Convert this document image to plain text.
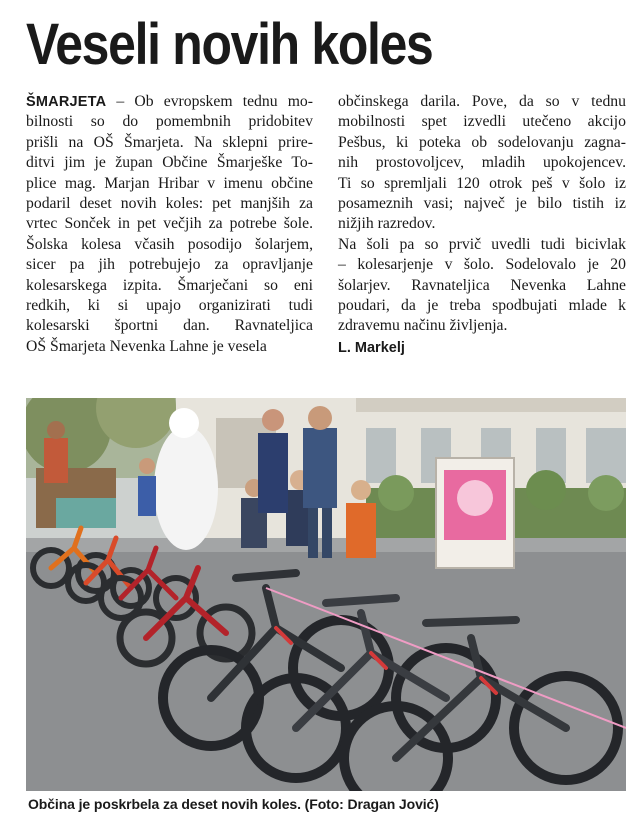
Veseli novih koles

ŠMARJETA – Ob evropskem tednu mo-
bilnosti so do pomembnih pridobitev
prišli na OŠ Šmarjeta. Na sklepni prire-
ditvi jim je župan Občine Šmarješke To-
plice mag. Marjan Hribar v imenu občine
podaril deset novih koles: pet manjših za
vrtec Sonček in pet večjih za potrebe šole.
Šolska kolesa včasih posodijo šolarjem,
sicer pa jih potrebujejo za opravljanje
kolesarskega izpita. Šmarječani so eni
redkih, ki si upajo organizirati tudi
kolesarski športni dan. Ravnateljica
OŠ Šmarjeta Nevenka Lahne je vesela

občinskega darila. Pove, da so v tednu
mobilnosti spet izvedli utečeno akcijo
Pešbus, ki poteka ob sodelovanju zagna-
nih prostovoljcev, mladih upokojencev.
Ti so spremljali 120 otrok peš v šolo iz
posameznih vasi; največ je bilo tistih iz
nižjih razredov.

Na šoli pa so prvič uvedli tudi bicivlak
– kolesarjenje v šolo. Sodelovalo je 20
šolarjev. Ravnateljica Nevenka Lahne
poudari, da je treba spodbujati mlade k
zdravemu načinu življenja.

L. Markelj
Občina je poskrbela za deset novih koles. (Foto: Dragan Jović)
